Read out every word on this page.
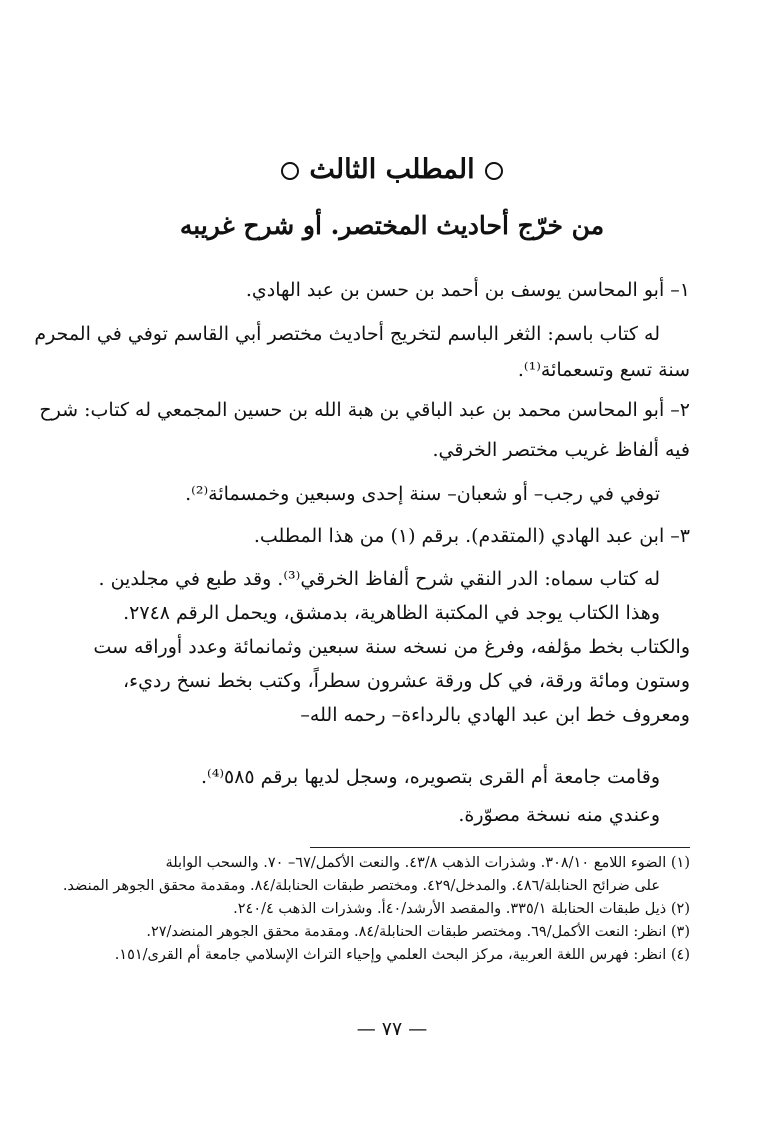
المطلب الثالث
من خرّج أحاديث المختصر. أو شرح غريبه
١– أبو المحاسن يوسف بن أحمد بن حسن بن عبد الهادي.
له كتاب باسم: الثغر الباسم لتخريج أحاديث مختصر أبي القاسم توفي في المحرم
سنة تسع وتسعمائة⁽¹⁾.
٢– أبو المحاسن محمد بن عبد الباقي بن هبة الله بن حسين المجمعي له كتاب: شرح
فيه ألفاظ غريب مختصر الخرقي.
توفي في رجب– أو شعبان– سنة إحدى وسبعين وخمسمائة⁽²⁾.
٣– ابن عبد الهادي (المتقدم). برقم (١) من هذا المطلب.
له كتاب سماه: الدر النقي شرح ألفاظ الخرقي⁽³⁾. وقد طبع في مجلدين .
وهذا الكتاب يوجد في المكتبة الظاهرية، بدمشق، ويحمل الرقم ٢٧٤٨.
والكتاب بخط مؤلفه، وفرغ من نسخه سنة سبعين وثمانمائة وعدد أوراقه ست
وستون ومائة ورقة، في كل ورقة عشرون سطراً، وكتب بخط نسخ رديء،
ومعروف خط ابن عبد الهادي بالرداءة– رحمه الله–
وقامت جامعة أم القرى بتصويره، وسجل لديها برقم ٥٨٥⁽⁴⁾.
وعندي منه نسخة مصوّرة.
(١) الضوء اللامع ٣٠٨/١٠. وشذرات الذهب ٤٣/٨. والنعت الأكمل/٦٧– ٧٠. والسحب الوابلة
على ضرائح الحنابلة/٤٨٦. والمدخل/٤٢٩. ومختصر طبقات الحنابلة/٨٤. ومقدمة محقق الجوهر المنضد.
(٢) ذيل طبقات الحنابلة ٣٣٥/١. والمقصد الأرشد/٤٠أ. وشذرات الذهب ٢٤٠/٤.
(٣) انظر: النعت الأكمل/٦٩. ومختصر طبقات الحنابلة/٨٤. ومقدمة محقق الجوهر المنضد/٢٧.
(٤) انظر: فهرس اللغة العربية، مركز البحث العلمي وإحياء التراث الإسلامي جامعة أم القرى/١٥١.
— ٧٧ —
